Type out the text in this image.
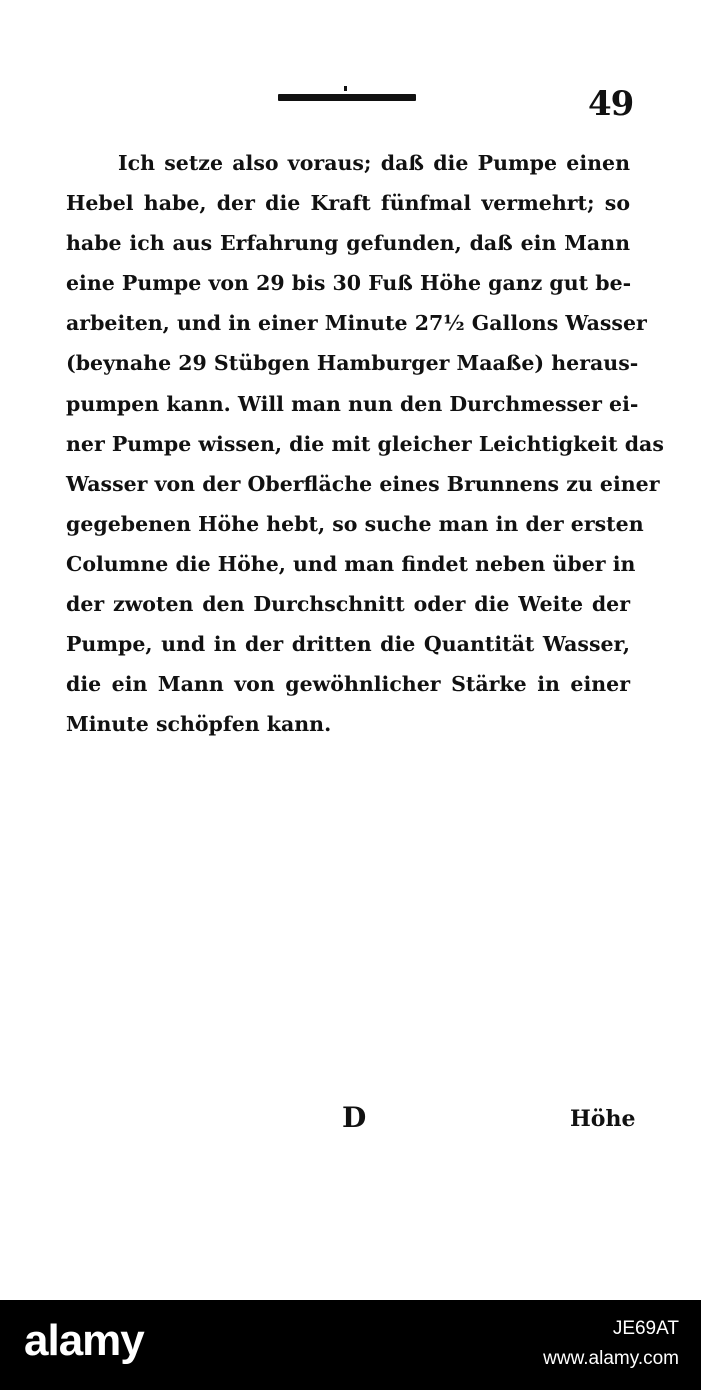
49
Ich setze also voraus; daß die Pumpe einen
Hebel habe, der die Kraft fünfmal vermehrt; so
habe ich aus Erfahrung gefunden, daß ein Mann
eine Pumpe von 29 bis 30 Fuß Höhe ganz gut be-
arbeiten, und in einer Minute 27½ Gallons Wasser
(beynahe 29 Stübgen Hamburger Maaße) heraus-
pumpen kann. Will man nun den Durchmesser ei-
ner Pumpe wissen, die mit gleicher Leichtigkeit das
Wasser von der Oberfläche eines Brunnens zu einer
gegebenen Höhe hebt, so suche man in der ersten
Columne die Höhe, und man findet neben über in
der zwoten den Durchschnitt oder die Weite der
Pumpe, und in der dritten die Quantität Wasser,
die ein Mann von gewöhnlicher Stärke in einer
Minute schöpfen kann.
D	Höhe
alamy	JE69AT
www.alamy.com
